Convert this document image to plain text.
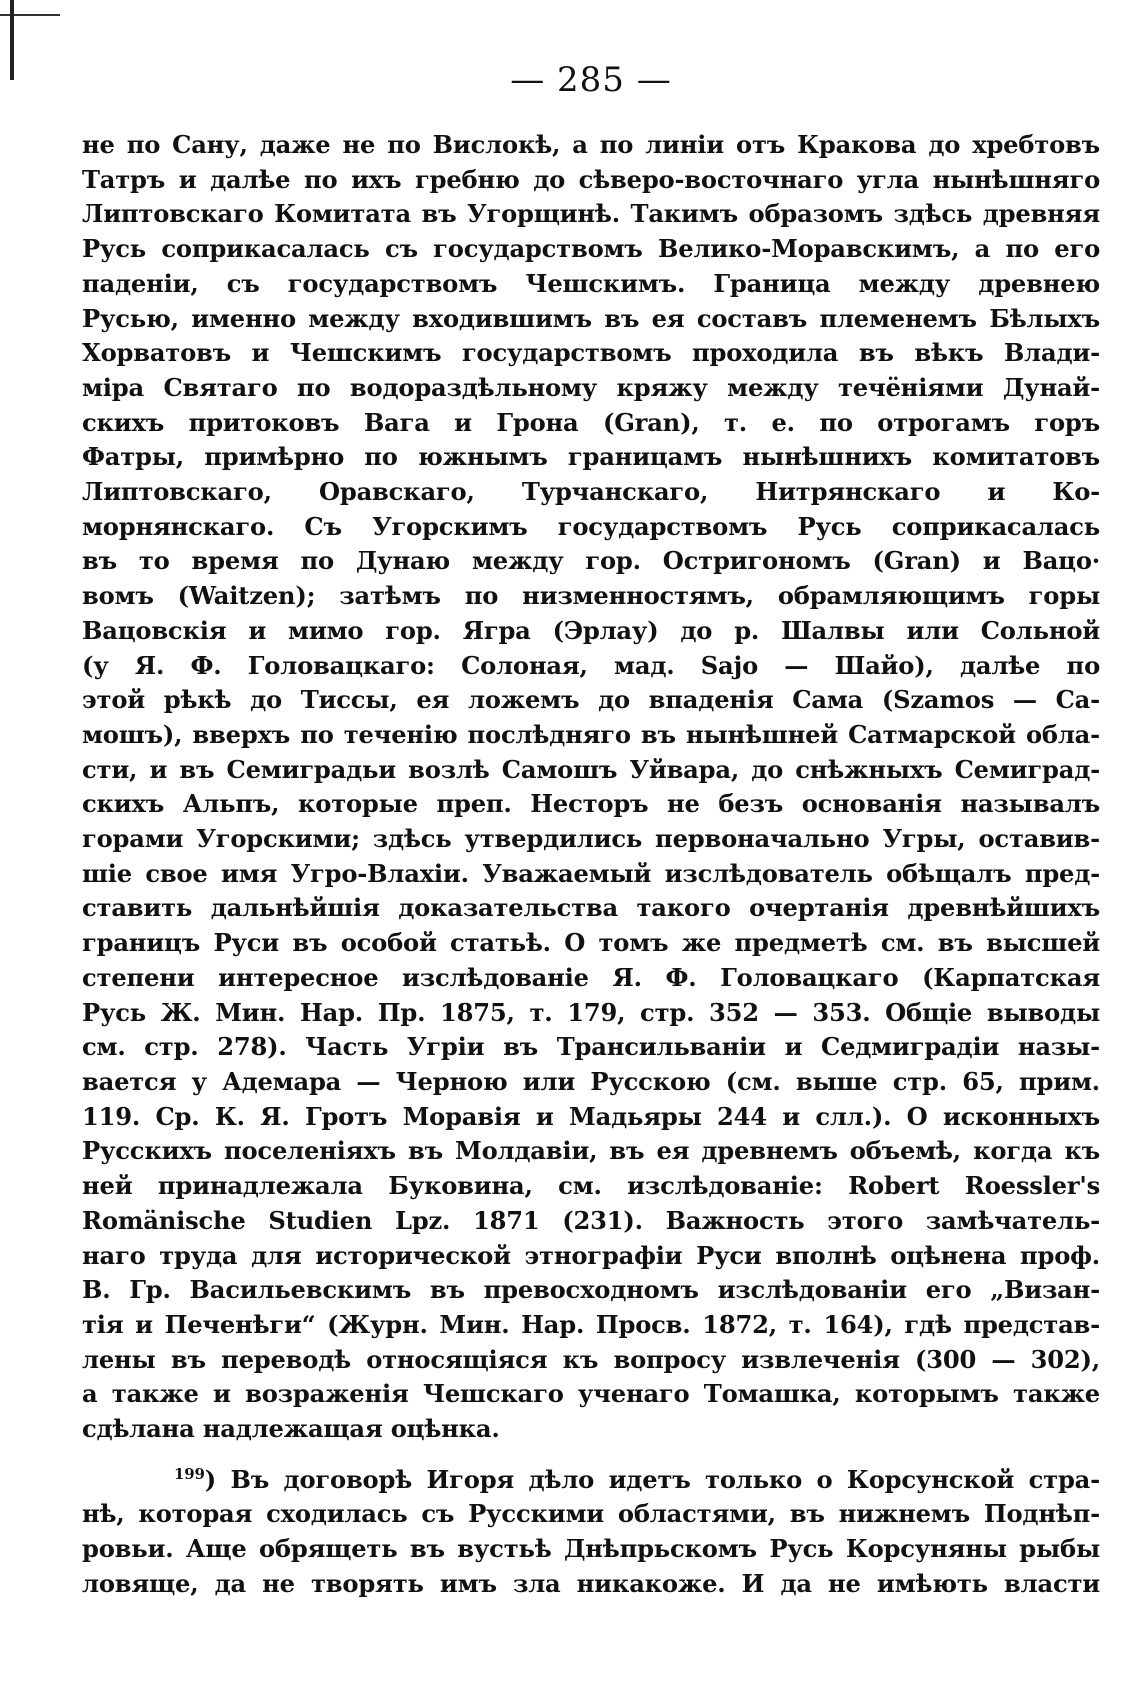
— 285 —
не по Сану, даже не по Вислокѣ, а по линіи отъ Кракова до хребтовъ
Татръ и далѣе по ихъ гребню до сѣверо-восточнаго угла нынѣшняго
Липтовскаго Комитата въ Угорщинѣ. Такимъ образомъ здѣсь древняя
Русь соприкасалась съ государствомъ Велико-Моравскимъ, а по его
паденіи, съ государствомъ Чешскимъ. Граница между древнею
Русью, именно между входившимъ въ ея составъ племенемъ Бѣлыхъ
Хорватовъ и Чешскимъ государствомъ проходила въ вѣкъ Влади-
міра Святаго по водораздѣльному кряжу между течёніями Дунай-
скихъ притоковъ Вага и Грона (Gran), т. е. по отрогамъ горъ
Фатры, примѣрно по южнымъ границамъ нынѣшнихъ комитатовъ
Липтовскаго, Оравскаго, Турчанскаго, Нитрянскаго и Ко-
морнянскаго. Съ Угорскимъ государствомъ Русь соприкасалась
въ то время по Дунаю между гор. Остригономъ (Gran) и Вацо·
вомъ (Waitzen); затѣмъ по низменностямъ, обрамляющимъ горы
Вацовскія и мимо гор. Ягра (Эрлау) до р. Шалвы или Сольной
(у Я. Ф. Головацкаго: Солоная, мад. Sajo — Шайо), далѣе по
этой рѣкѣ до Тиссы, ея ложемъ до впаденія Сама (Szamos — Са-
мошъ), вверхъ по теченію послѣдняго въ нынѣшней Сатмарской обла-
сти, и въ Семиградьи возлѣ Самошъ Уйвара, до снѣжныхъ Семиград-
скихъ Альпъ, которые преп. Несторъ не безъ основанія называлъ
горами Угорскими; здѣсь утвердились первоначально Угры, оставив-
шіе свое имя Угро-Влахіи. Уважаемый изслѣдователь обѣщалъ пред-
ставить дальнѣйшія доказательства такого очертанія древнѣйшихъ
границъ Руси въ особой статьѣ. О томъ же предметѣ см. въ высшей
степени интересное изслѣдованіе Я. Ф. Головацкаго (Карпатская
Русь Ж. Мин. Нар. Пр. 1875, т. 179, стр. 352 — 353. Общіе выводы
см. стр. 278). Часть Угріи въ Трансильваніи и Седмиградіи назы-
вается у Адемара — Черною или Русскою (см. выше стр. 65, прим.
119. Ср. К. Я. Гротъ Моравія и Мадьяры 244 и слл.). О исконныхъ
Русскихъ поселеніяхъ въ Молдавіи, въ ея древнемъ объемѣ, когда къ
ней принадлежала Буковина, см. изслѣдованіе: Robert Roessler's
Romänische Studien Lpz. 1871 (231). Важность этого замѣчатель-
наго труда для исторической этнографіи Руси вполнѣ оцѣнена проф.
В. Гр. Васильевскимъ въ превосходномъ изслѣдованіи его „Визан-
тія и Печенѣги“ (Журн. Мин. Нар. Просв. 1872, т. 164), гдѣ представ-
лены въ переводѣ относящіяся къ вопросу извлеченія (300 — 302),
а также и возраженія Чешскаго ученаго Томашка, которымъ также
сдѣлана надлежащая оцѣнка.
$^{199}$) Въ договорѣ Игоря дѣло идетъ только о Корсунской стра-
нѣ, которая сходилась съ Русскими областями, въ нижнемъ Поднѣп-
ровьи. Аще обрящеть въ вустьѣ Днѣпрьскомъ Русь Корсуняны рыбы
ловяще, да не творять имъ зла никакоже. И да не имѣють власти
